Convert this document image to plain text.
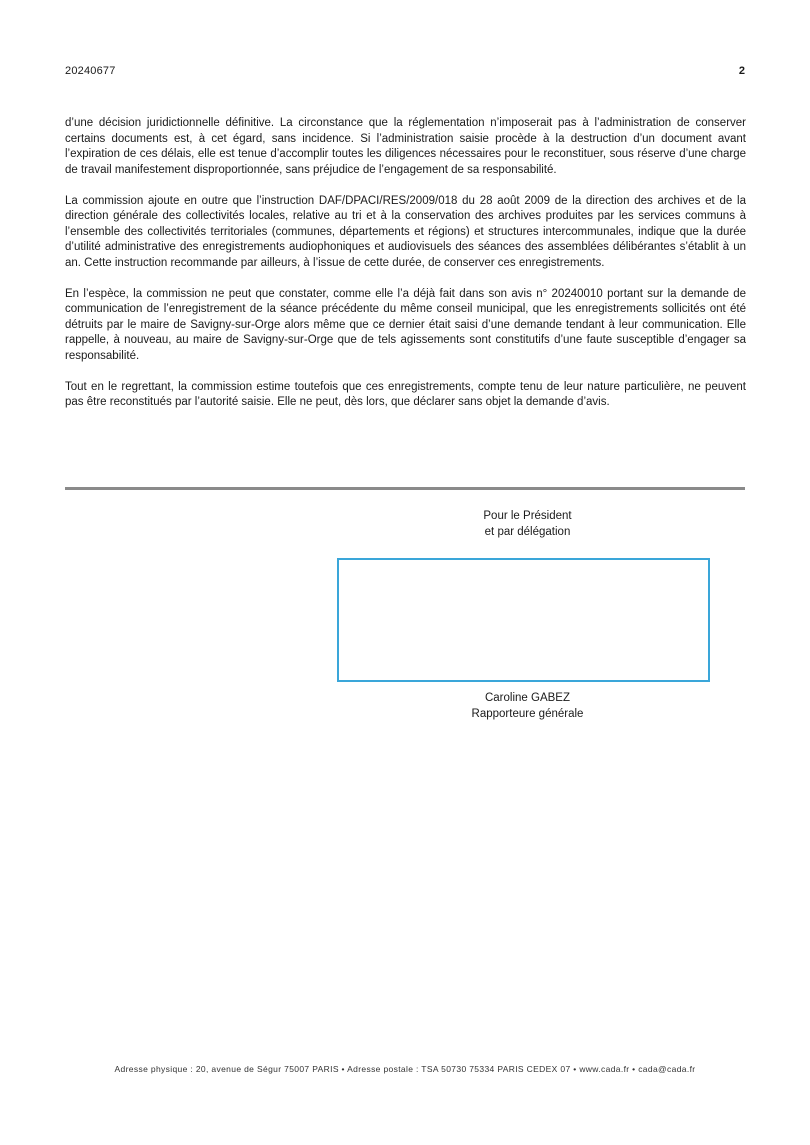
20240677	2

d’une décision juridictionnelle définitive. La circonstance que la réglementation n’imposerait pas à l’administration de conserver certains documents est, à cet égard, sans incidence. Si l’administration saisie procède à la destruction d’un document avant l’expiration de ces délais, elle est tenue d’accomplir toutes les diligences nécessaires pour le reconstituer, sous réserve d’une charge de travail manifestement disproportionnée, sans préjudice de l’engagement de sa responsabilité.

La commission ajoute en outre que l’instruction DAF/DPACI/RES/2009/018 du 28 août 2009 de la direction des archives et de la direction générale des collectivités locales, relative au tri et à la conservation des archives produites par les services communs à l’ensemble des collectivités territoriales (communes, départements et régions) et structures intercommunales, indique que la durée d’utilité administrative des enregistrements audiophoniques et audiovisuels des séances des assemblées délibérantes s’établit à un an. Cette instruction recommande par ailleurs, à l’issue de cette durée, de conserver ces enregistrements.

En l’espèce, la commission ne peut que constater, comme elle l’a déjà fait dans son avis n° 20240010 portant sur la demande de communication de l’enregistrement de la séance précédente du même conseil municipal, que les enregistrements sollicités ont été détruits par le maire de Savigny-sur-Orge alors même que ce dernier était saisi d’une demande tendant à leur communication. Elle rappelle, à nouveau, au maire de Savigny-sur-Orge que de tels agissements sont constitutifs d’une faute susceptible d’engager sa responsabilité.

Tout en le regrettant, la commission estime toutefois que ces enregistrements, compte tenu de leur nature particulière, ne peuvent pas être reconstitués par l’autorité saisie. Elle ne peut, dès lors, que déclarer sans objet la demande d’avis.

Pour le Président
et par délégation
Caroline GABEZ
Rapporteure générale
Adresse physique : 20, avenue de Ségur 75007 PARIS • Adresse postale : TSA 50730 75334 PARIS CEDEX 07 • www.cada.fr • cada@cada.fr
